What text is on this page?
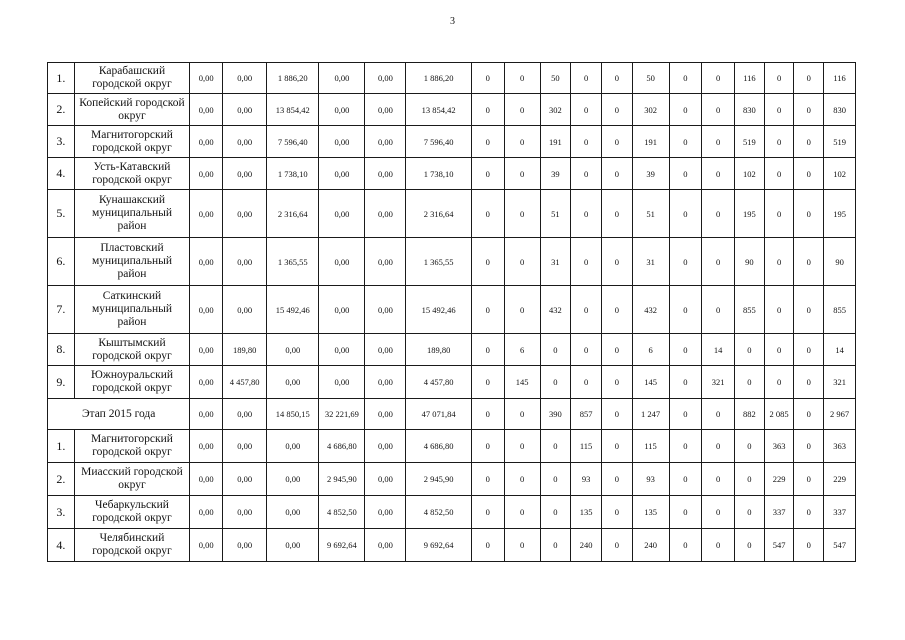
3
1.	Карабашский городской округ	0,00	0,00	1 886,20	0,00	0,00	1 886,20	0	0	50	0	0	50	0	0	116	0	0	116
2.	Копейский городской округ	0,00	0,00	13 854,42	0,00	0,00	13 854,42	0	0	302	0	0	302	0	0	830	0	0	830
3.	Магнитогорский городской округ	0,00	0,00	7 596,40	0,00	0,00	7 596,40	0	0	191	0	0	191	0	0	519	0	0	519
4.	Усть-Катавский городской округ	0,00	0,00	1 738,10	0,00	0,00	1 738,10	0	0	39	0	0	39	0	0	102	0	0	102
5.	Кунашакский муниципальный район	0,00	0,00	2 316,64	0,00	0,00	2 316,64	0	0	51	0	0	51	0	0	195	0	0	195
6.	Пластовский муниципальный район	0,00	0,00	1 365,55	0,00	0,00	1 365,55	0	0	31	0	0	31	0	0	90	0	0	90
7.	Саткинский муниципальный район	0,00	0,00	15 492,46	0,00	0,00	15 492,46	0	0	432	0	0	432	0	0	855	0	0	855
8.	Кыштымский городской округ	0,00	189,80	0,00	0,00	0,00	189,80	0	6	0	0	0	6	0	14	0	0	0	14
9.	Южноуральский городской округ	0,00	4 457,80	0,00	0,00	0,00	4 457,80	0	145	0	0	0	145	0	321	0	0	0	321
Этап 2015 года		0,00	0,00	14 850,15	32 221,69	0,00	47 071,84	0	0	390	857	0	1 247	0	0	882	2 085	0	2 967
1.	Магнитогорский городской округ	0,00	0,00	0,00	4 686,80	0,00	4 686,80	0	0	0	115	0	115	0	0	0	363	0	363
2.	Миасский городской округ	0,00	0,00	0,00	2 945,90	0,00	2 945,90	0	0	0	93	0	93	0	0	0	229	0	229
3.	Чебаркульский городской округ	0,00	0,00	0,00	4 852,50	0,00	4 852,50	0	0	0	135	0	135	0	0	0	337	0	337
4.	Челябинский городской округ	0,00	0,00	0,00	9 692,64	0,00	9 692,64	0	0	0	240	0	240	0	0	0	547	0	547
